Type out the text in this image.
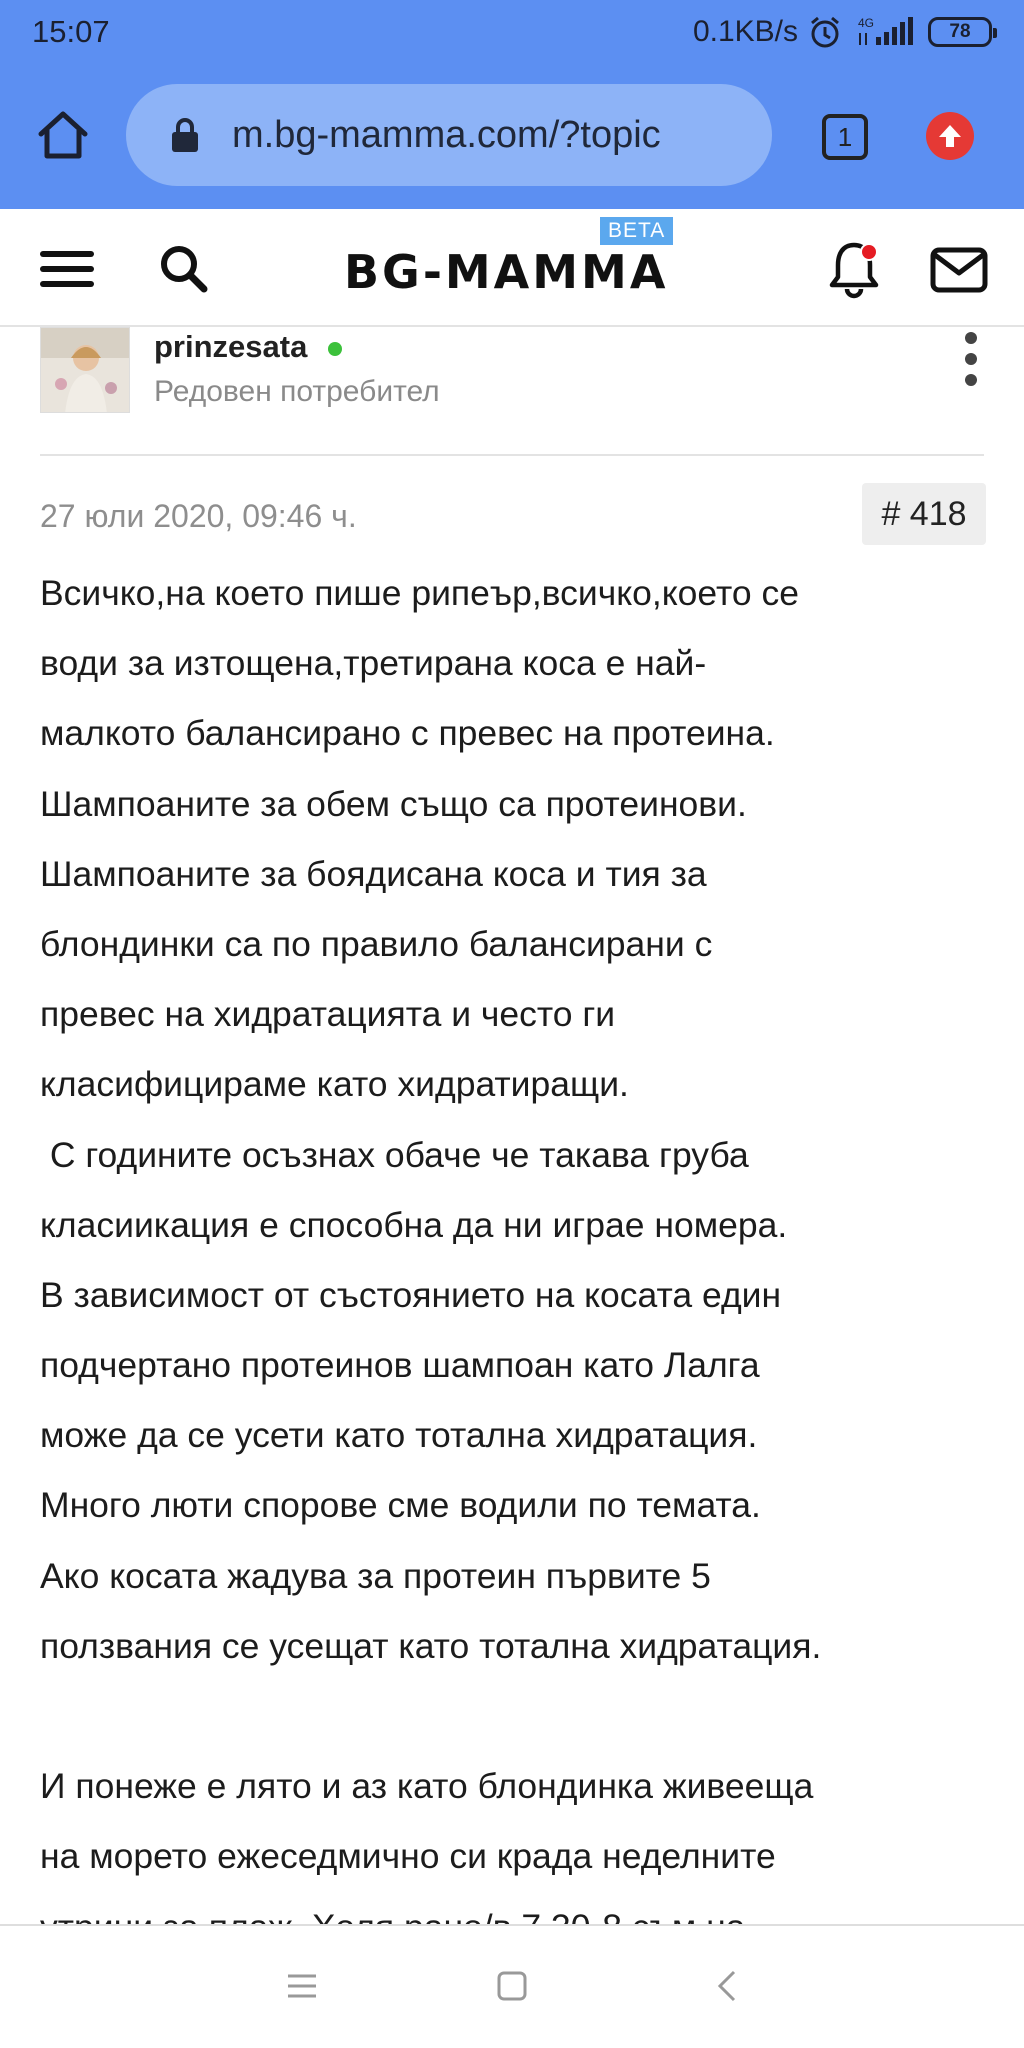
15:07	0.1KB/s	4G	78
m.bg-mamma.com/?topic	1
BG-MAMMA
BETA
prinzesata
Редовен потребител
27 юли 2020, 09:46 ч.	# 418
Всичко,на което пише рипеър,всичко,което се
води за изтощена,третирана коса е най-
малкото балансирано с превес на протеина.
Шампоаните за обем също са протеинови.
Шампоаните за боядисана коса и тия за
блондинки са по правило балансирани с
превес на хидратацията и често ги
класифицираме като хидратиращи.
С годините осъзнах обаче че такава груба
класиикация е способна да ни играе номера.
В зависимост от състоянието на косата един
подчертано протеинов шампоан като Лалга
може да се усети като тотална хидратация.
Много люти спорове сме водили по темата.
Ако косата жадува за протеин първите 5
ползвания се усещат като тотална хидратация.
И понеже е лято и аз като блондинка живееща
на морето ежеседмично си крада неделните
